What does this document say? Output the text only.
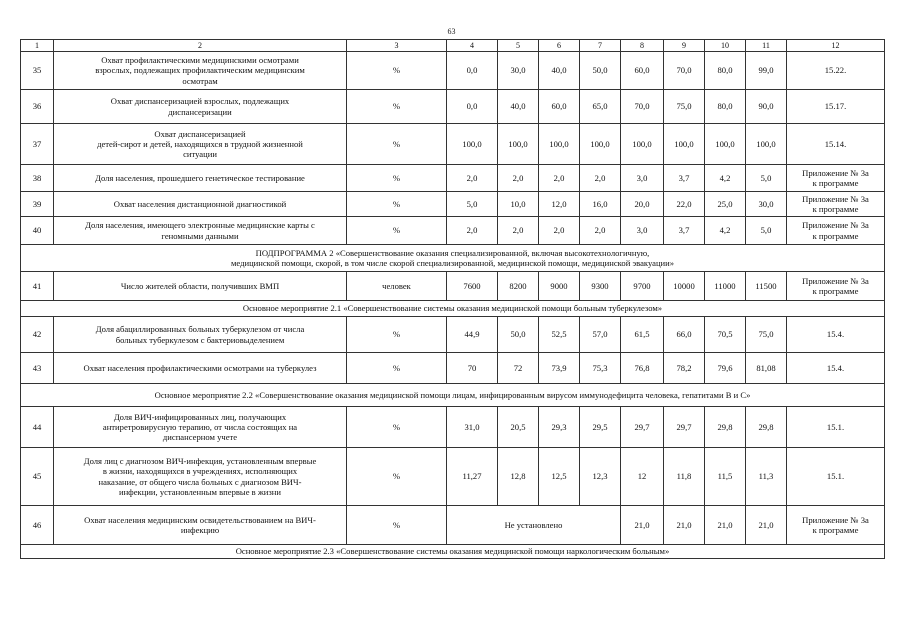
63
1	2	3	4	5	6	7	8	9	10	11	12
35	Охват профилактическими медицинскими осмотрами
взрослых, подлежащих профилактическим медицинским
осмотрам	%	0,0	30,0	40,0	50,0	60,0	70,0	80,0	99,0	15.22.
36	Охват диспансеризацией взрослых, подлежащих
диспансеризации	%	0,0	40,0	60,0	65,0	70,0	75,0	80,0	90,0	15.17.
37	Охват диспансеризацией
детей-сирот и детей, находящихся в трудной жизненной
ситуации	%	100,0	100,0	100,0	100,0	100,0	100,0	100,0	100,0	15.14.
38	Доля населения, прошедшего генетическое тестирование	%	2,0	2,0	2,0	2,0	3,0	3,7	4,2	5,0	Приложение № 3а
к программе
39	Охват населения дистанционной диагностикой	%	5,0	10,0	12,0	16,0	20,0	22,0	25,0	30,0	Приложение № 3а
к программе
40	Доля населения, имеющего электронные медицинские карты с
геномными данными	%	2,0	2,0	2,0	2,0	3,0	3,7	4,2	5,0	Приложение № 3а
к программе
ПОДПРОГРАММА 2 «Совершенствование оказания специализированной, включая высокотехнологичную,
медицинской помощи, скорой, в том числе скорой специализированной, медицинской помощи, медицинской эвакуации»											
41	Число жителей области, получивших ВМП	человек	7600	8200	9000	9300	9700	10000	11000	11500	Приложение № 3а
к программе
Основное мероприятие 2.1 «Совершенствование системы оказания медицинской помощи больным туберкулезом»											
42	Доля абациллированных больных туберкулезом от числа
больных туберкулезом с бактериовыделением	%	44,9	50,0	52,5	57,0	61,5	66,0	70,5	75,0	15.4.
43	Охват населения профилактическими осмотрами на туберкулез	%	70	72	73,9	75,3	76,8	78,2	79,6	81,08	15.4.
Основное мероприятие 2.2 «Совершенствование оказания медицинской помощи лицам, инфицированным вирусом иммунодефицита человека, гепатитами В и С»											
44	Доля ВИЧ-инфицированных лиц, получающих
антиретровирусную терапию, от числа состоящих на
диспансерном учете	%	31,0	20,5	29,3	29,5	29,7	29,7	29,8	29,8	15.1.
45	Доля лиц с диагнозом ВИЧ-инфекция, установленным впервые
в жизни, находящихся в учреждениях, исполняющих
наказание, от общего числа больных с диагнозом ВИЧ-
инфекции, установленным впервые в жизни	%	11,27	12,8	12,5	12,3	12	11,8	11,5	11,3	15.1.
46	Охват населения медицинским освидетельствованием на ВИЧ-
инфекцию	%	Не установлено				21,0	21,0	21,0	21,0	Приложение № 3а
к программе
Основное мероприятие 2.3 «Совершенствование системы оказания медицинской помощи наркологическим больным»											
